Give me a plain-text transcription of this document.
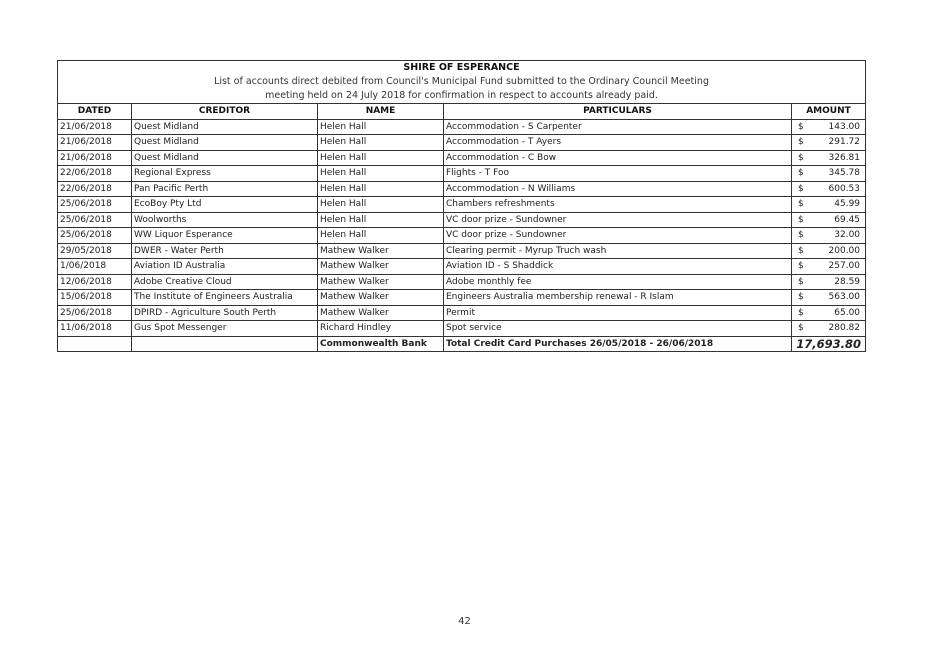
SHIRE OF ESPERANCE				
List of accounts direct debited from Council's Municipal Fund submitted to the Ordinary Council Meeting				
meeting held on 24 July 2018 for confirmation in respect to accounts already paid.				
DATED	CREDITOR	NAME	PARTICULARS	AMOUNT
21/06/2018	Quest Midland	Helen Hall	Accommodation - S Carpenter	$ 143.00

21/06/2018	Quest Midland	Helen Hall	Accommodation - T Ayers	$ 291.72

21/06/2018	Quest Midland	Helen Hall	Accommodation - C Bow	$ 326.81

22/06/2018	Regional Express	Helen Hall	Flights - T Foo	$ 345.78

22/06/2018	Pan Pacific Perth	Helen Hall	Accommodation - N Williams	$ 600.53

25/06/2018	EcoBoy Pty Ltd	Helen Hall	Chambers refreshments	$ 45.99

25/06/2018	Woolworths	Helen Hall	VC door prize - Sundowner	$ 69.45

25/06/2018	WW Liquor Esperance	Helen Hall	VC door prize - Sundowner	$ 32.00

29/05/2018	DWER - Water Perth	Mathew Walker	Clearing permit - Myrup Truch wash	$ 200.00

1/06/2018	Aviation ID Australia	Mathew Walker	Aviation ID - S Shaddick	$ 257.00

12/06/2018	Adobe Creative Cloud	Mathew Walker	Adobe monthly fee	$ 28.59

15/06/2018	The Institute of Engineers Australia	Mathew Walker	Engineers Australia membership renewal - R Islam	$ 563.00

25/06/2018	DPIRD - Agriculture South Perth	Mathew Walker	Permit	$ 65.00

11/06/2018	Gus Spot Messenger	Richard Hindley	Spot service	$ 280.82

		Commonwealth Bank	Total Credit Card Purchases 26/05/2018 - 26/06/2018	17,693.80
42
